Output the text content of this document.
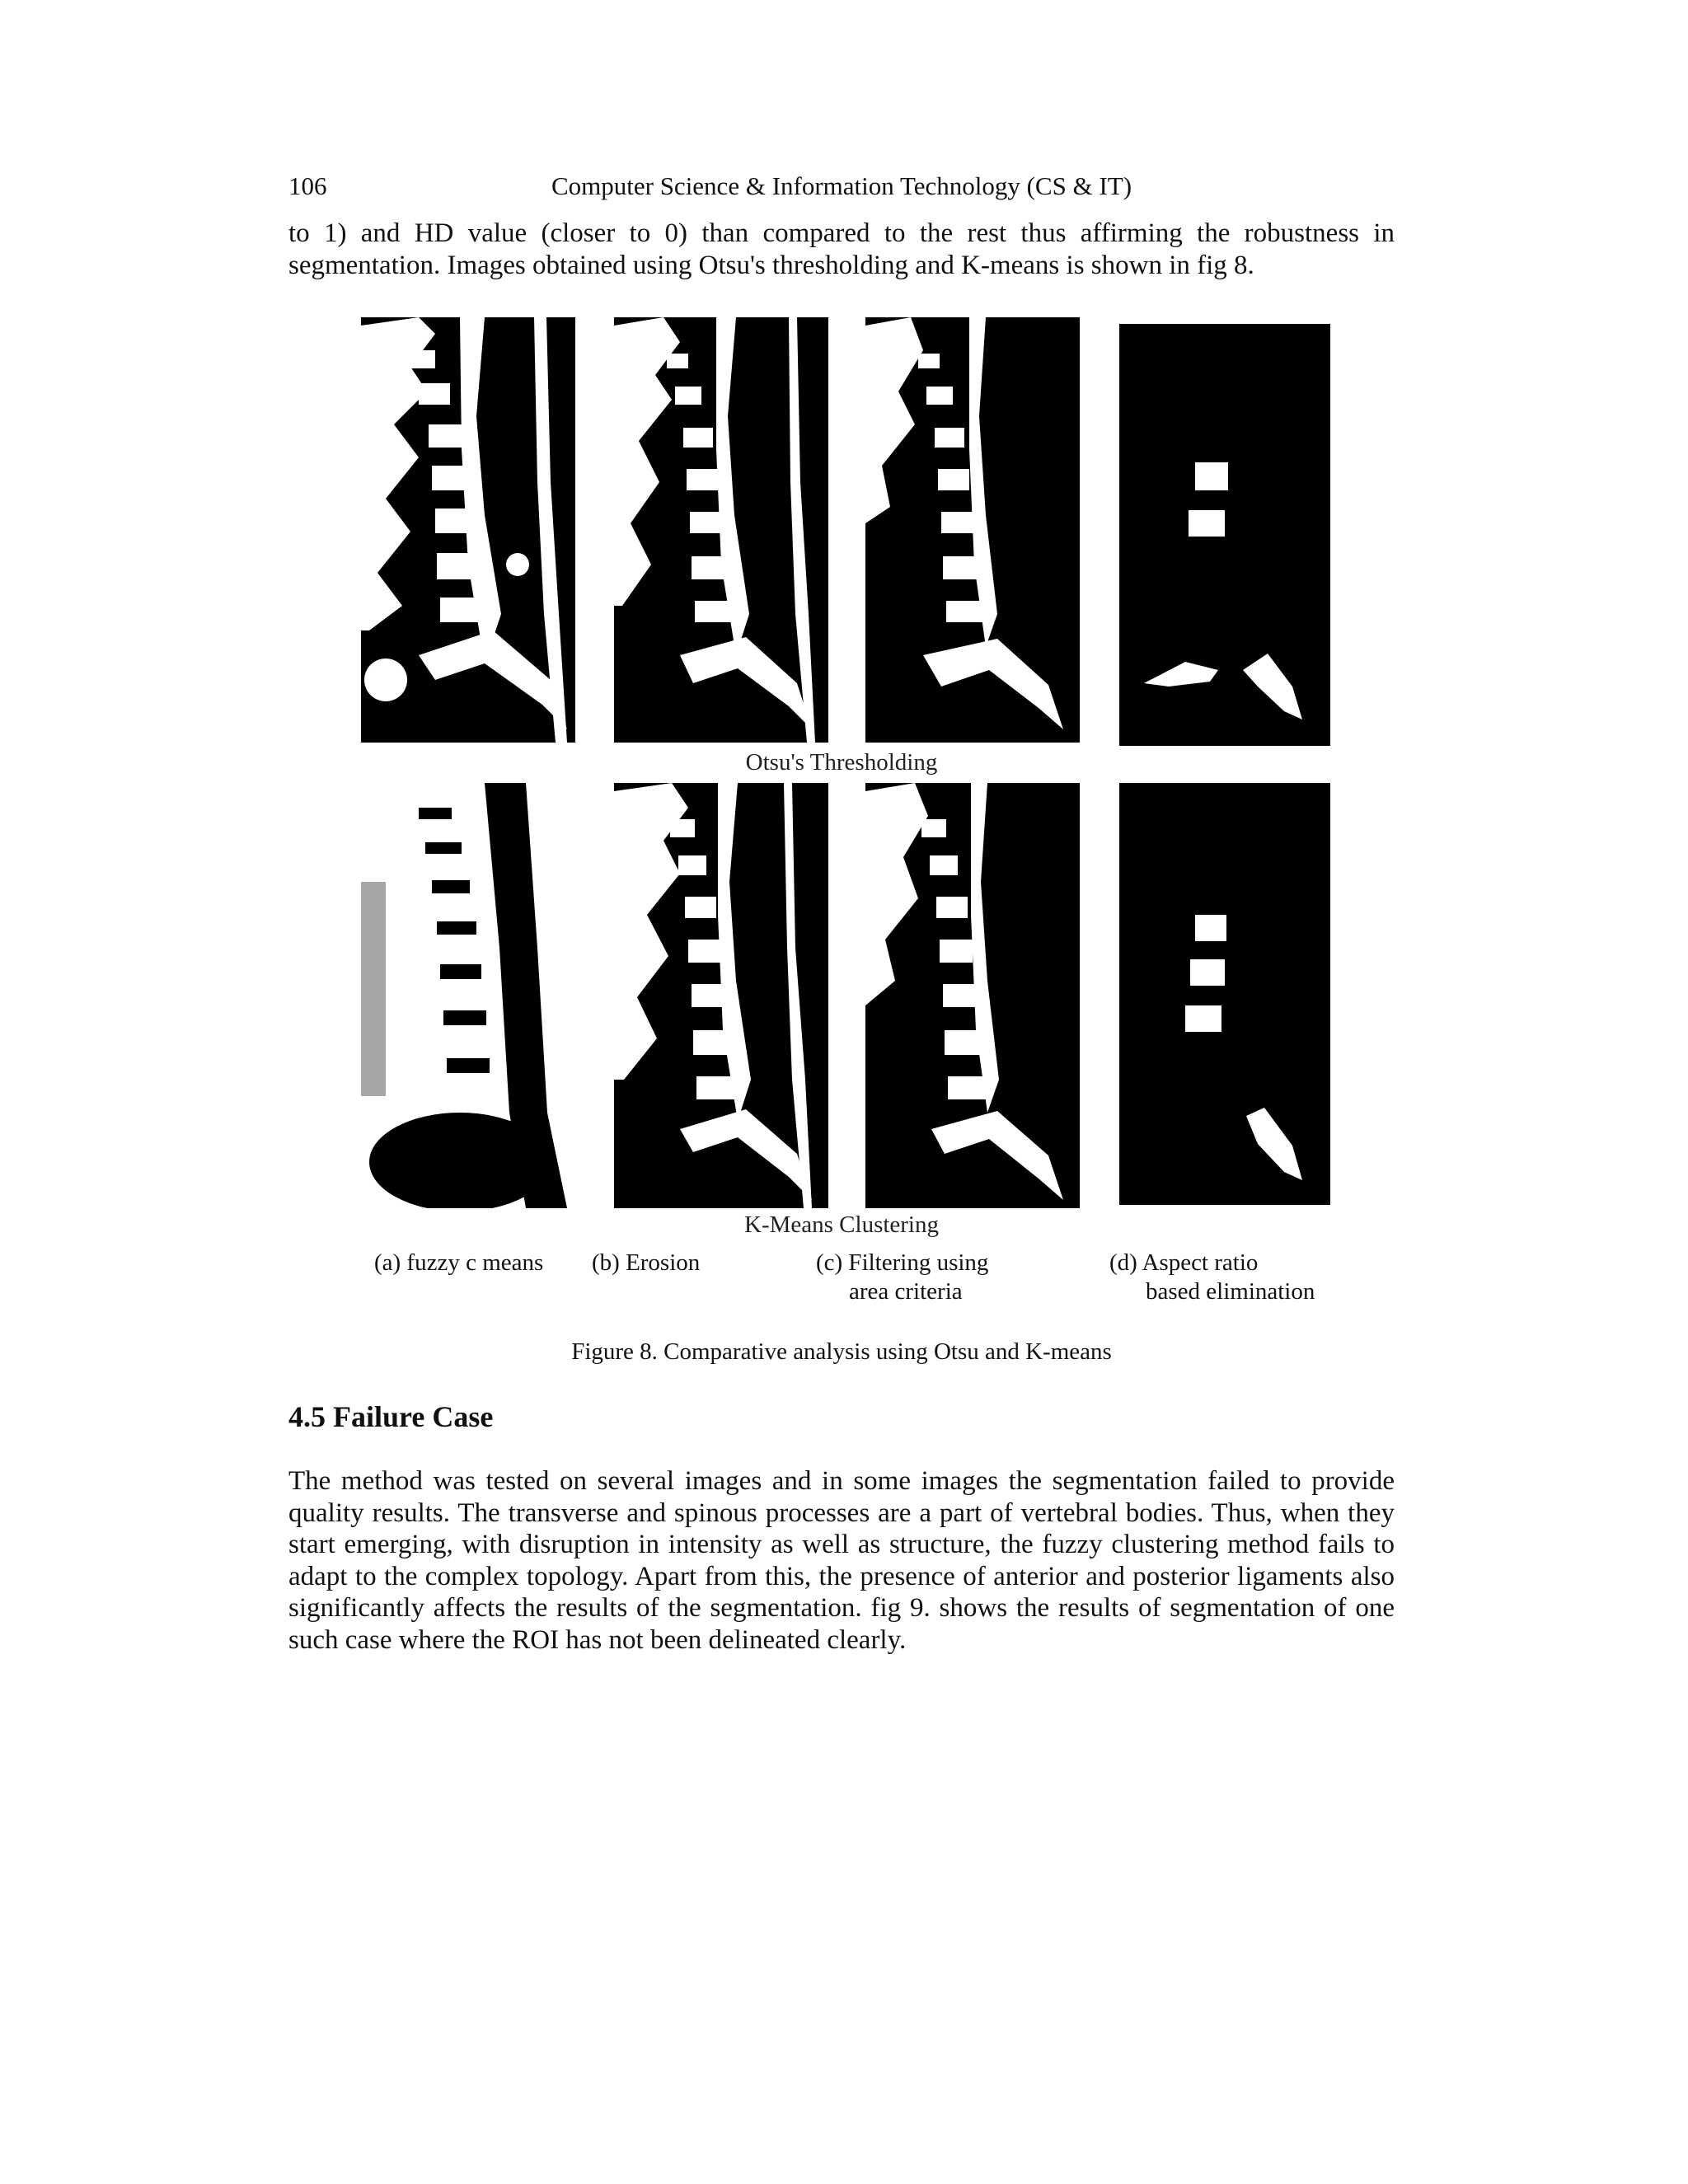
106	Computer Science & Information Technology (CS & IT)

to 1) and HD value (closer to 0) than compared to the rest thus affirming the robustness in segmentation. Images obtained using Otsu's thresholding and K-means is shown in fig 8.

Otsu's Thresholding
K-Means Clustering
(a) fuzzy c means (b) Erosion	(c) Filtering using
area criteria
(d) Aspect ratio
based elimination
Figure 8. Comparative analysis using Otsu and K-means
4.5 Failure Case

The method was tested on several images and in some images the segmentation failed to provide quality results. The transverse and spinous processes are a part of vertebral bodies. Thus, when they start emerging, with disruption in intensity as well as structure, the fuzzy clustering method fails to adapt to the complex topology. Apart from this, the presence of anterior and posterior ligaments also significantly affects the results of the segmentation. fig 9. shows the results of segmentation of one such case where the ROI has not been delineated clearly.
